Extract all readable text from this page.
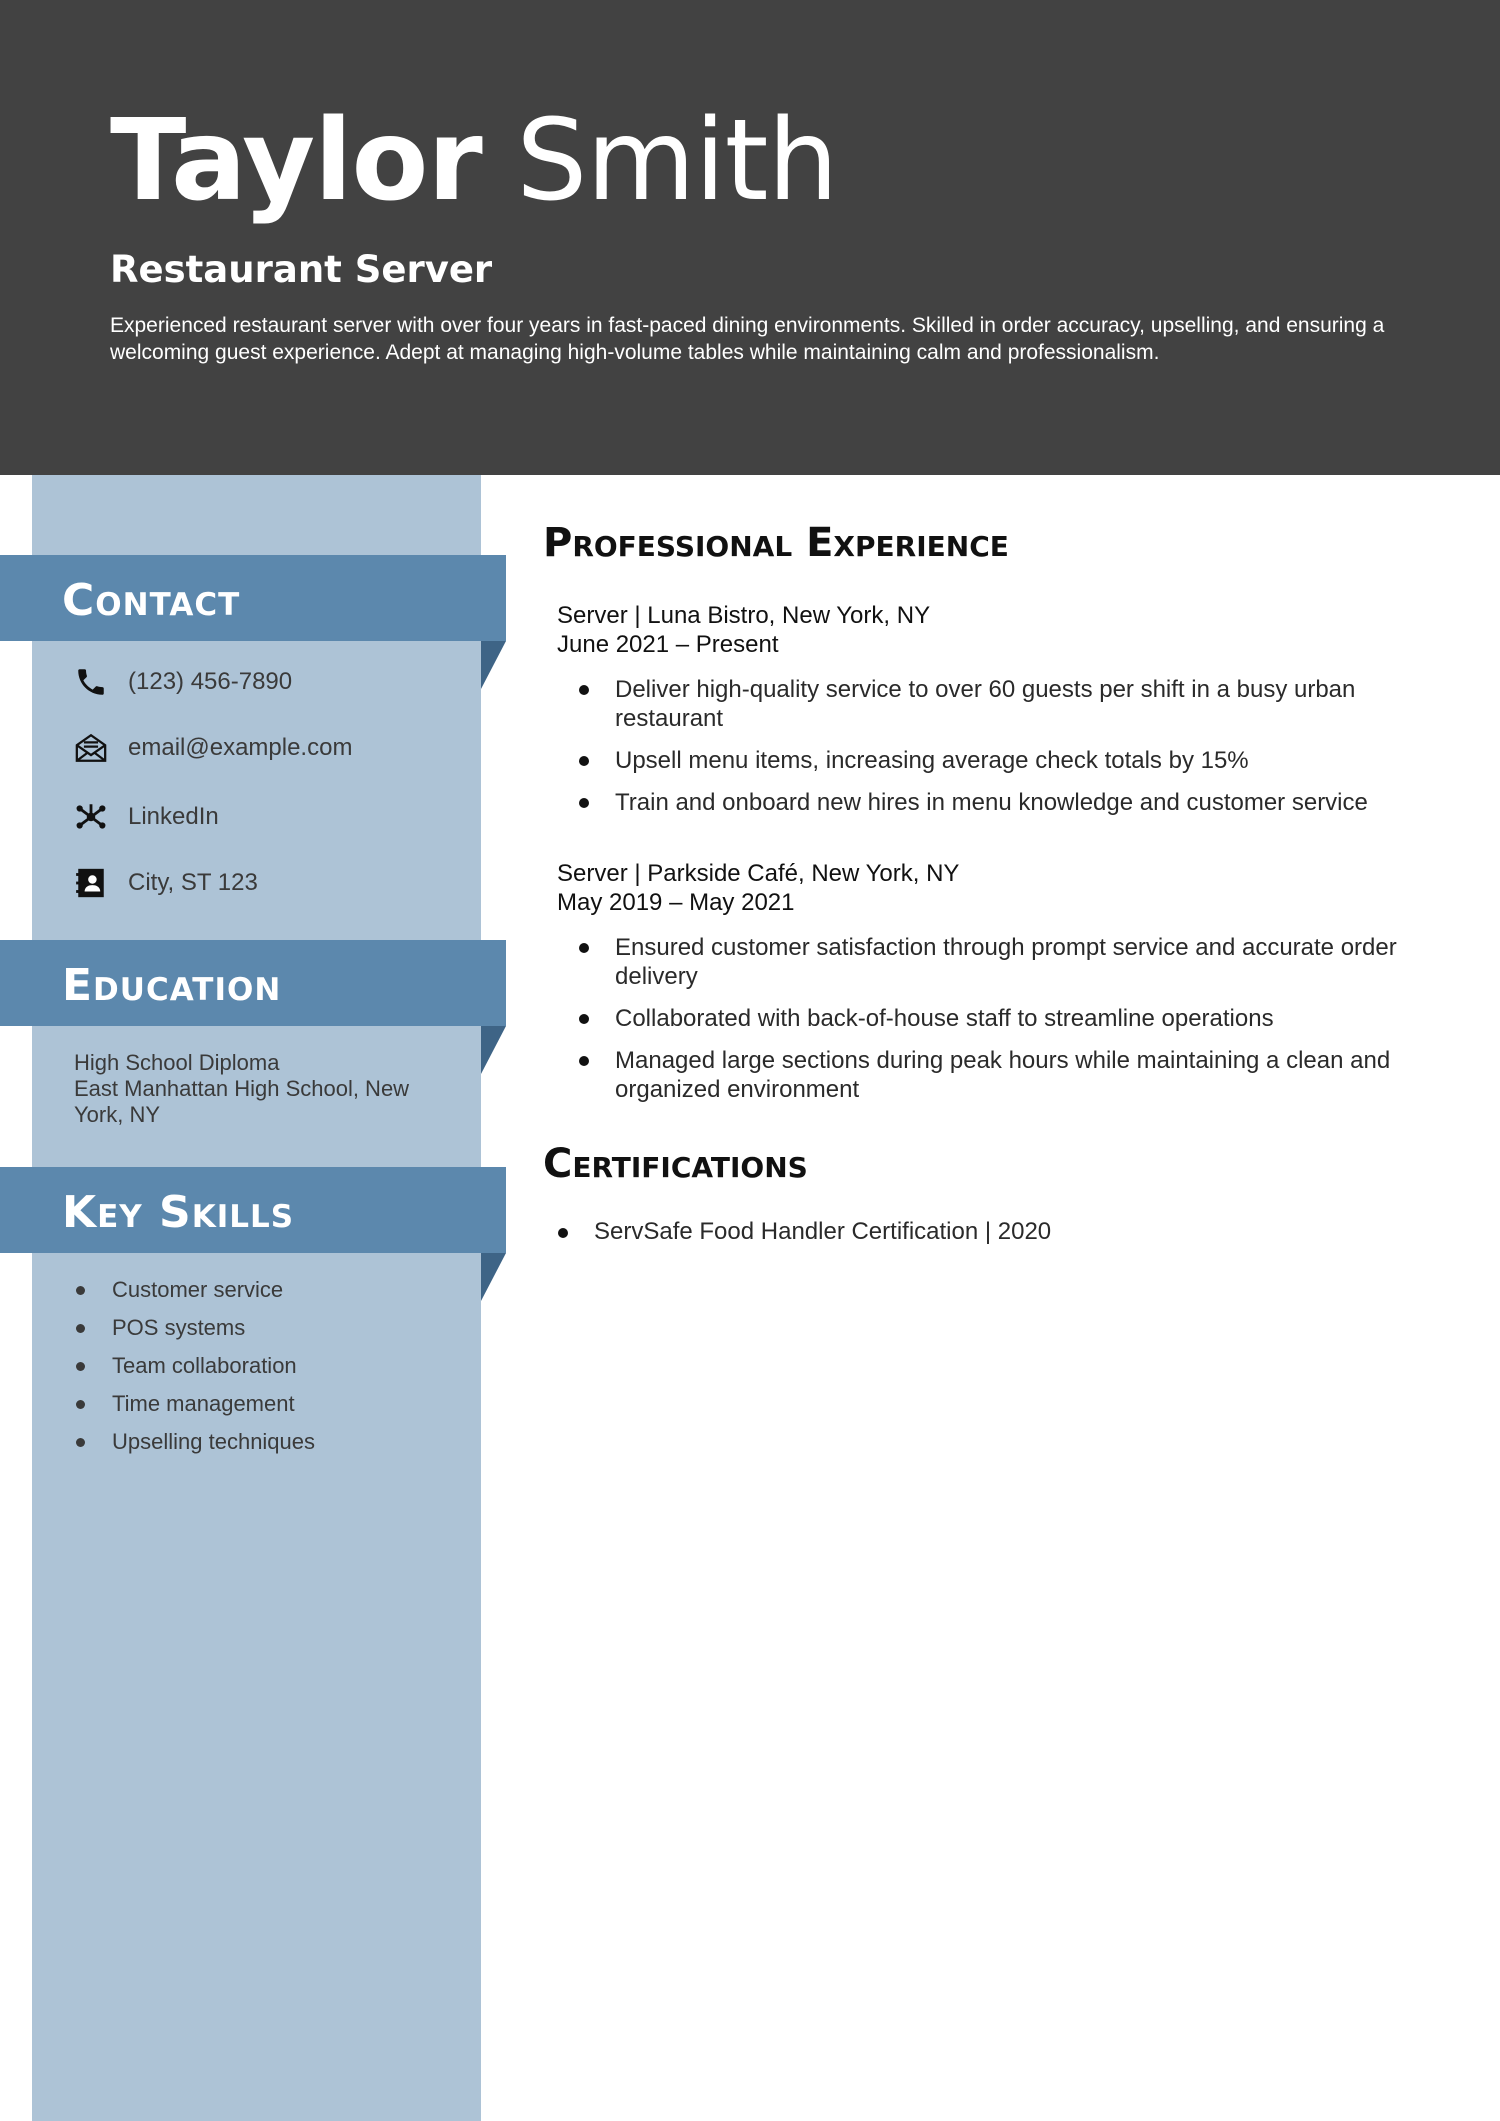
Taylor Smith
Restaurant Server
Experienced restaurant server with over four years in fast-paced dining environments. Skilled in order accuracy, upselling, and ensuring a welcoming guest experience. Adept at managing high-volume tables while maintaining calm and professionalism.
Contact
(123) 456-7890
email@example.com
LinkedIn
City, ST 123
Education
High School Diploma
East Manhattan High School, New York, NY
Key Skills
Customer service
POS systems
Team collaboration
Time management
Upselling techniques
Professional Experience
Server | Luna Bistro, New York, NY
June 2021 – Present
Deliver high-quality service to over 60 guests per shift in a busy urban restaurant
Upsell menu items, increasing average check totals by 15%
Train and onboard new hires in menu knowledge and customer service
Server | Parkside Café, New York, NY
May 2019 – May 2021
Ensured customer satisfaction through prompt service and accurate order delivery
Collaborated with back-of-house staff to streamline operations
Managed large sections during peak hours while maintaining a clean and organized environment
Certifications
ServSafe Food Handler Certification | 2020
